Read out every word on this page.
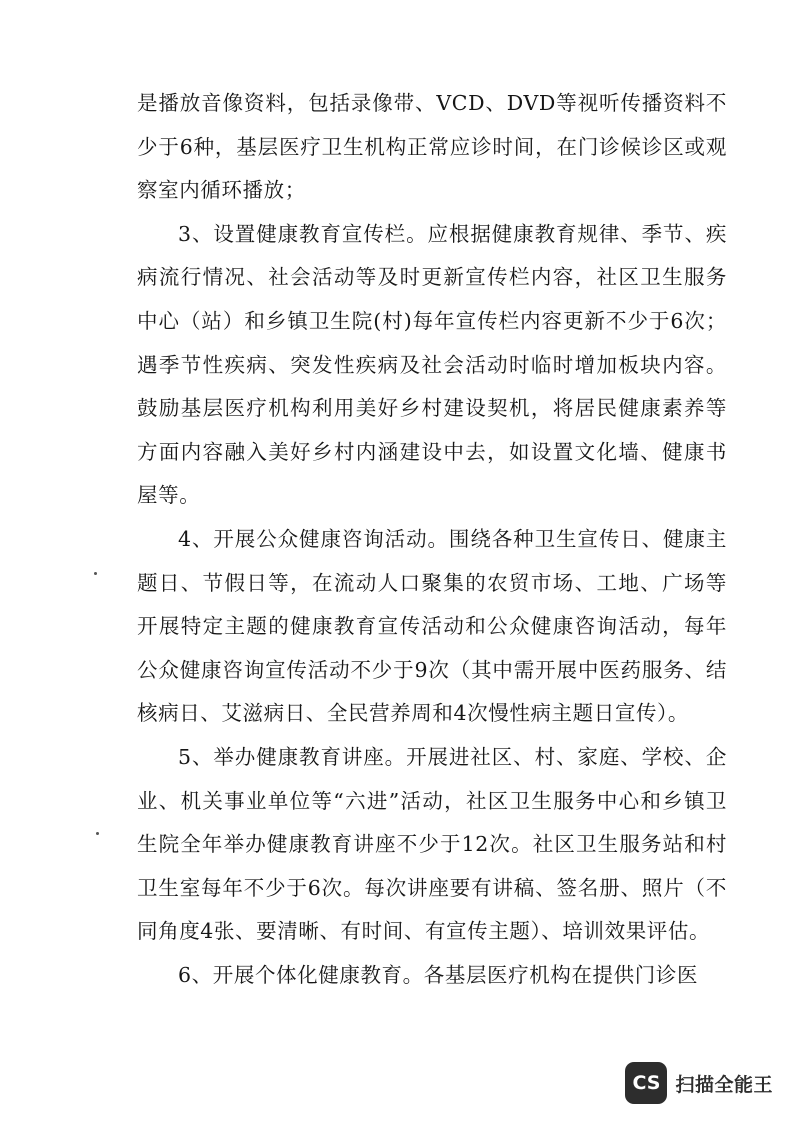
是播放音像资料，包括录像带、VCD、DVD等视听传播资料不少于6种，基层医疗卫生机构正常应诊时间，在门诊候诊区或观察室内循环播放；

3、设置健康教育宣传栏。应根据健康教育规律、季节、疾病流行情况、社会活动等及时更新宣传栏内容，社区卫生服务中心（站）和乡镇卫生院(村)每年宣传栏内容更新不少于6次；遇季节性疾病、突发性疾病及社会活动时临时增加板块内容。鼓励基层医疗机构利用美好乡村建设契机，将居民健康素养等方面内容融入美好乡村内涵建设中去，如设置文化墙、健康书屋等。

4、开展公众健康咨询活动。围绕各种卫生宣传日、健康主题日、节假日等，在流动人口聚集的农贸市场、工地、广场等开展特定主题的健康教育宣传活动和公众健康咨询活动，每年公众健康咨询宣传活动不少于9次（其中需开展中医药服务、结核病日、艾滋病日、全民营养周和4次慢性病主题日宣传）。

5、举办健康教育讲座。开展进社区、村、家庭、学校、企业、机关事业单位等“六进”活动，社区卫生服务中心和乡镇卫生院全年举办健康教育讲座不少于12次。社区卫生服务站和村卫生室每年不少于6次。每次讲座要有讲稿、签名册、照片（不同角度4张、要清晰、有时间、有宣传主题）、培训效果评估。

6、开展个体化健康教育。各基层医疗机构在提供门诊医

CS 扫描全能王
